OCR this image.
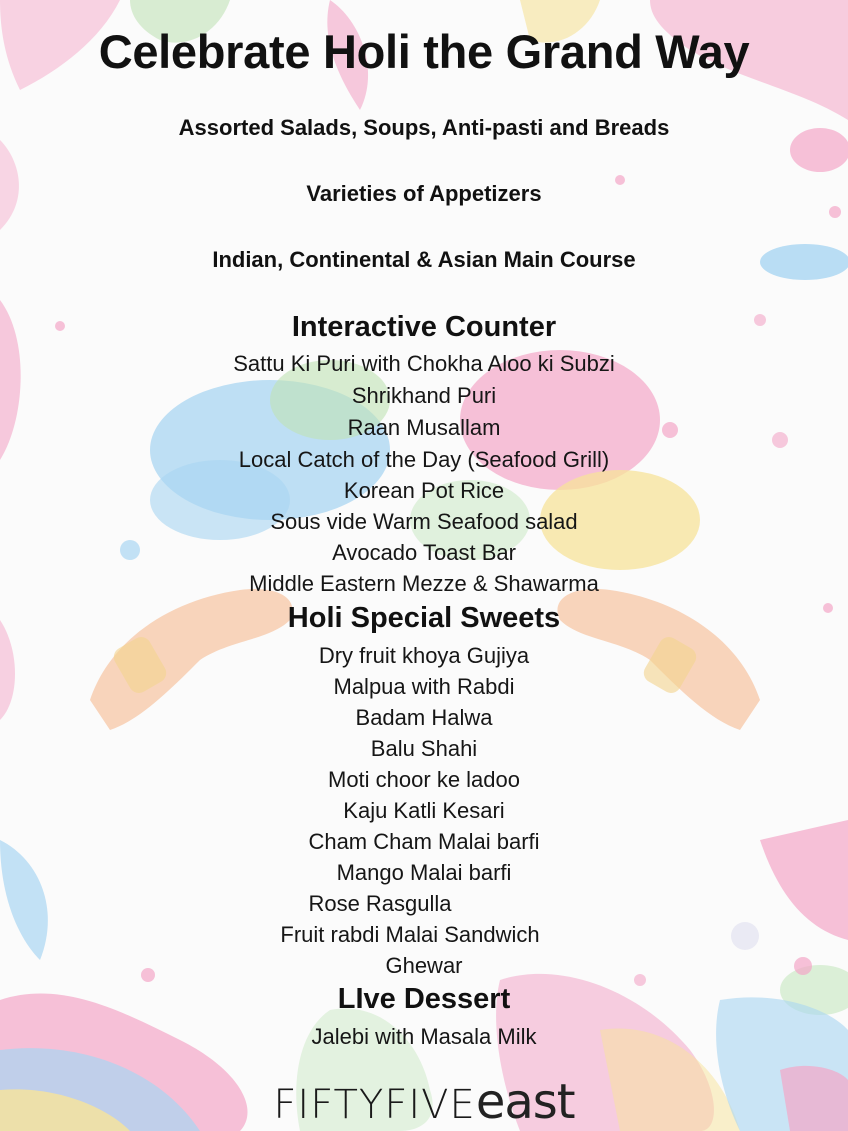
Celebrate Holi the Grand Way
Assorted Salads, Soups, Anti-pasti and Breads
Varieties of Appetizers
Indian, Continental & Asian Main Course
Interactive Counter
Sattu Ki Puri with Chokha Aloo ki Subzi
Shrikhand Puri
Raan Musallam
Local Catch of the Day (Seafood Grill)
Korean Pot Rice
Sous vide Warm Seafood salad
Avocado Toast Bar
Middle Eastern Mezze & Shawarma
Holi Special Sweets
Dry fruit khoya Gujiya
Malpua with Rabdi
Badam Halwa
Balu Shahi
Moti choor ke ladoo
Kaju Katli Kesari
Cham Cham Malai barfi
Mango Malai barfi
Rose Rasgulla
Fruit rabdi Malai Sandwich
Ghewar
LIve Dessert
Jalebi with Masala Milk
FIFTYFIVEeast
